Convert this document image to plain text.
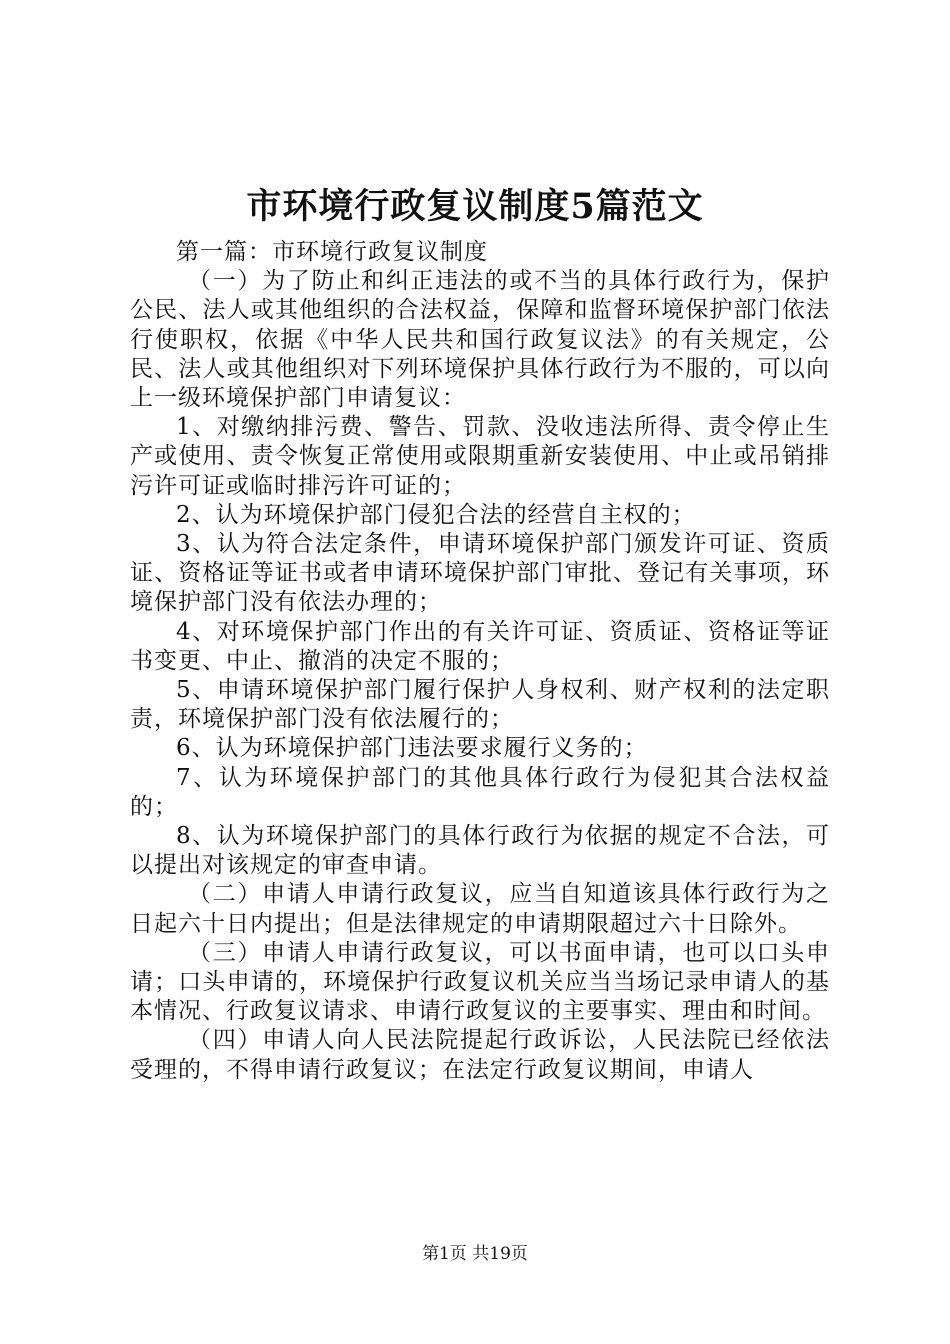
市环境行政复议制度5篇范文

第一篇：市环境行政复议制度

（一）为了防止和纠正违法的或不当的具体行政行为，保护公民、法人或其他组织的合法权益，保障和监督环境保护部门依法行使职权，依据《中华人民共和国行政复议法》的有关规定，公民、法人或其他组织对下列环境保护具体行政行为不服的，可以向上一级环境保护部门申请复议：

1、对缴纳排污费、警告、罚款、没收违法所得、责令停止生产或使用、责令恢复正常使用或限期重新安装使用、中止或吊销排污许可证或临时排污许可证的；

2、认为环境保护部门侵犯合法的经营自主权的；

3、认为符合法定条件，申请环境保护部门颁发许可证、资质证、资格证等证书或者申请环境保护部门审批、登记有关事项，环境保护部门没有依法办理的；

4、对环境保护部门作出的有关许可证、资质证、资格证等证书变更、中止、撤消的决定不服的；

5、申请环境保护部门履行保护人身权利、财产权利的法定职责，环境保护部门没有依法履行的；

6、认为环境保护部门违法要求履行义务的；

7、认为环境保护部门的其他具体行政行为侵犯其合法权益的；

8、认为环境保护部门的具体行政行为依据的规定不合法，可以提出对该规定的审查申请。

（二）申请人申请行政复议，应当自知道该具体行政行为之日起六十日内提出；但是法律规定的申请期限超过六十日除外。

（三）申请人申请行政复议，可以书面申请，也可以口头申请；口头申请的，环境保护行政复议机关应当当场记录申请人的基本情况、行政复议请求、申请行政复议的主要事实、理由和时间。

（四）申请人向人民法院提起行政诉讼，人民法院已经依法受理的，不得申请行政复议；在法定行政复议期间，申请人

第1页 共19页
